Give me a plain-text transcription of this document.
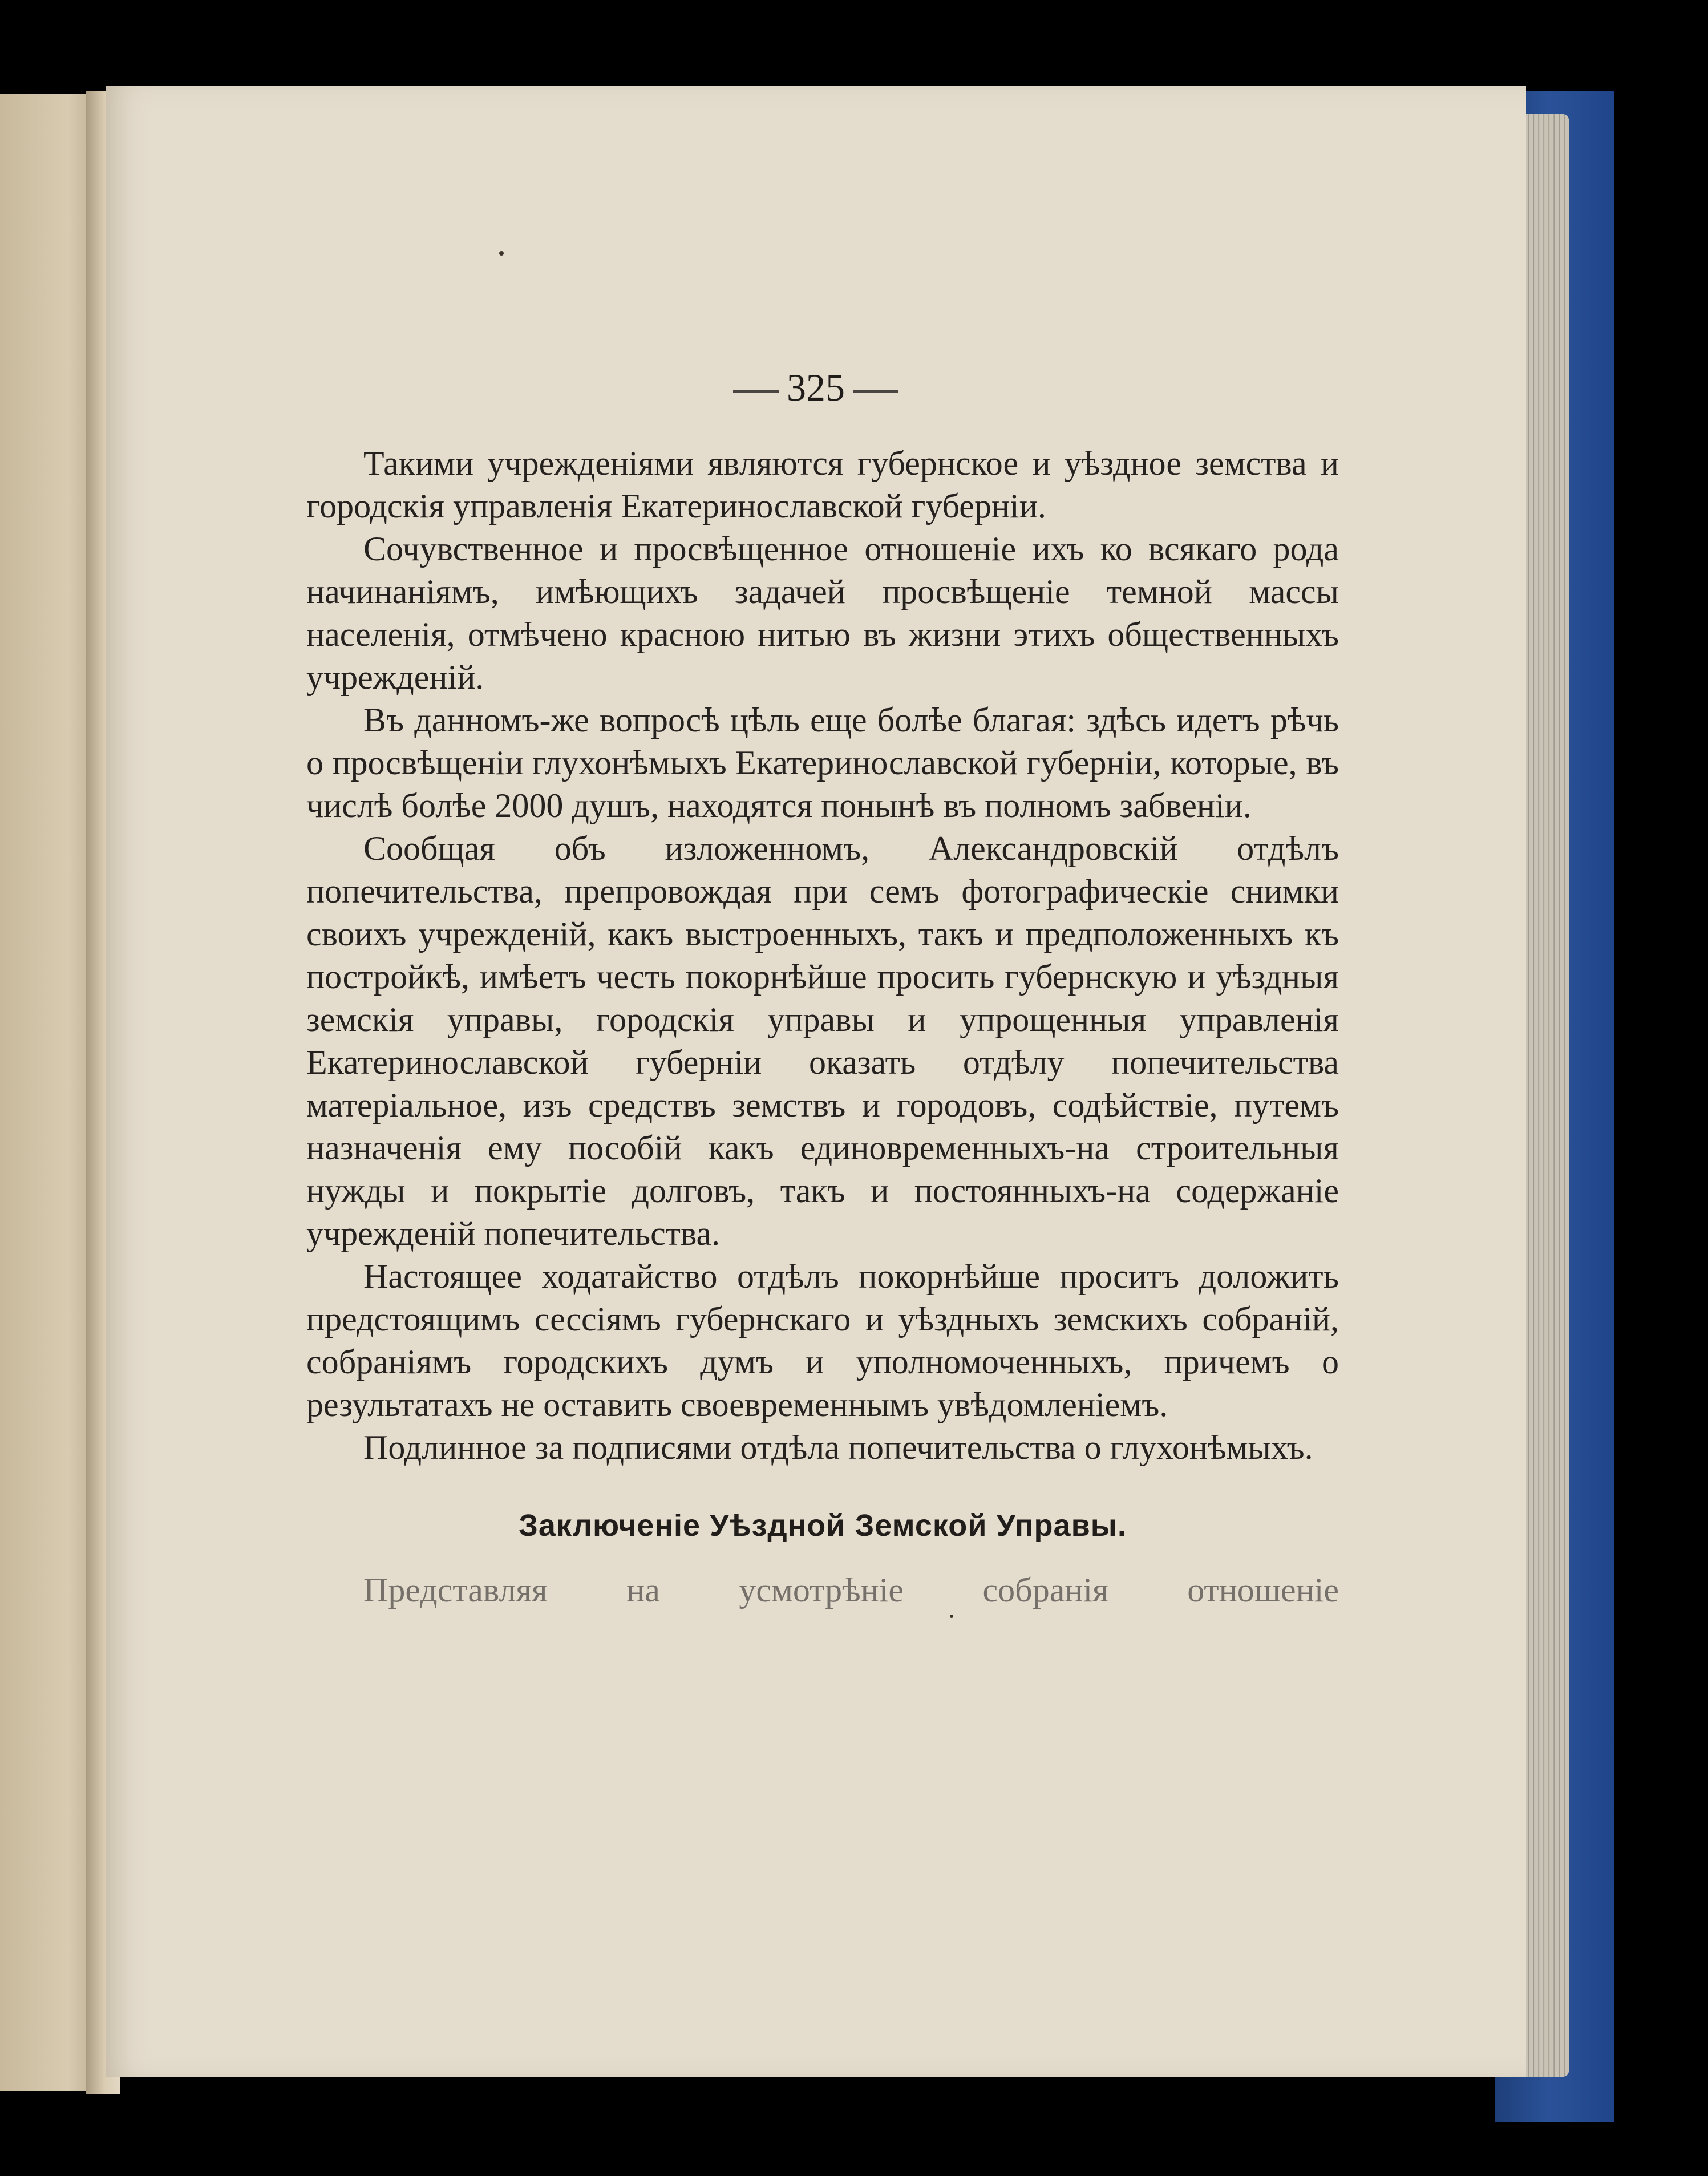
325

Такими учрежденіями являются губернское и уѣздное земства и городскія управленія Екатеринославской губерніи.

Сочувственное и просвѣщенное отношеніе ихъ ко всякаго рода начинаніямъ, имѣющихъ задачей просвѣщеніе темной массы населенія, отмѣчено красною нитью въ жизни этихъ общественныхъ учрежденій.

Въ данномъ-же вопросѣ цѣль еще болѣе благая: здѣсь идетъ рѣчь о просвѣщеніи глухонѣмыхъ Екатеринославской губерніи, которые, въ числѣ болѣе 2000 душъ, находятся понынѣ въ полномъ забвеніи.

Сообщая объ изложенномъ, Александровскій отдѣлъ попечительства, препровождая при семъ фотографическіе снимки своихъ учрежденій, какъ выстроенныхъ, такъ и предположенныхъ къ постройкѣ, имѣетъ честь покорнѣйше просить губернскую и уѣздныя земскія управы, городскія управы и упрощенныя управленія Екатеринославской губерніи оказать отдѣлу попечительства матеріальное, изъ средствъ земствъ и городовъ, содѣйствіе, путемъ назначенія ему пособій какъ единовременныхъ-на строительныя нужды и покрытіе долговъ, такъ и постоянныхъ-на содержаніе учрежденій попечительства.

Настоящее ходатайство отдѣлъ покорнѣйше проситъ доложить предстоящимъ сессіямъ губернскаго и уѣздныхъ земскихъ собраній, собраніямъ городскихъ думъ и уполномоченныхъ, причемъ о результатахъ не оставить своевременнымъ увѣдомленіемъ.

Подлинное за подписями отдѣла попечительства о глухонѣмыхъ.

Заключеніе Уѣздной Земской Управы.

Представляя на усмотрѣніе собранія отношеніе
